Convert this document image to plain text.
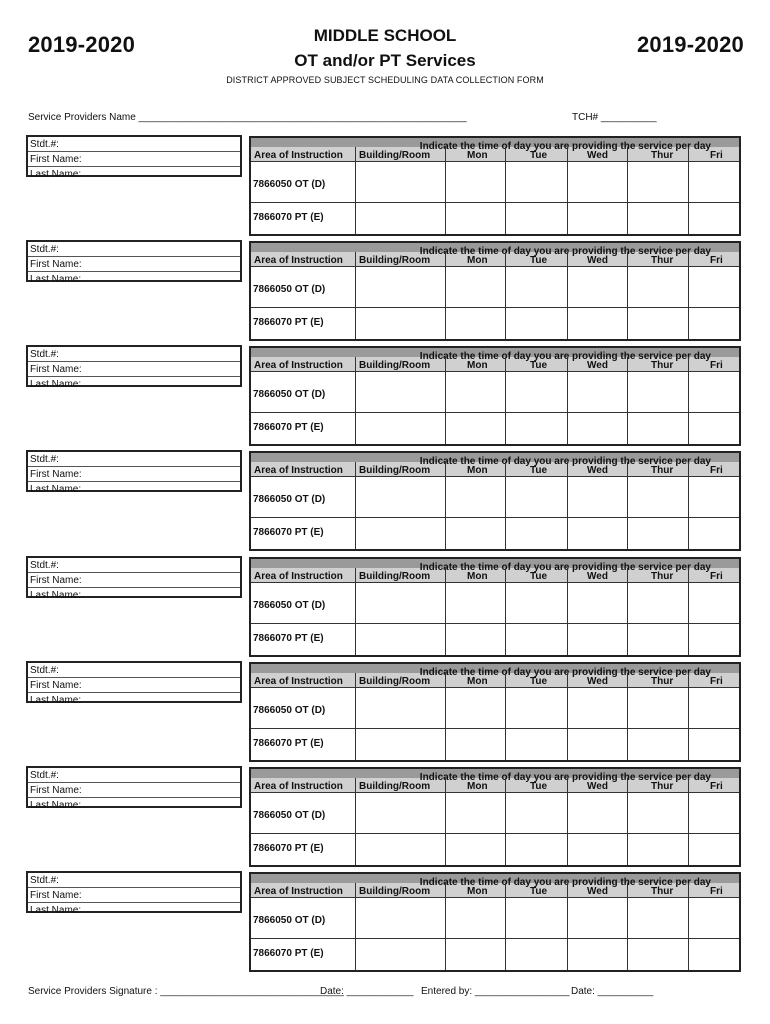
2019-2020	2019-2020
MIDDLE SCHOOL
OT and/or PT Services
DISTRICT APPROVED SUBJECT SCHEDULING DATA COLLECTION FORM
Service Providers Name ___________________________________________________________	TCH# __________
Stdt.#:
First Name:
Last Name:
Indicate the time of day you are providing the service per day
Area of Instruction Building/Room	Mon	Tue	Wed	Thur	Fri
7866050 OT (D)
7866070 PT (E)
Stdt.#:
First Name:
Last Name:
Indicate the time of day you are providing the service per day
Area of Instruction Building/Room	Mon	Tue	Wed	Thur	Fri
7866050 OT (D)
7866070 PT (E)
Stdt.#:
First Name:
Last Name:
Indicate the time of day you are providing the service per day
Area of Instruction Building/Room	Mon	Tue	Wed	Thur	Fri
7866050 OT (D)
7866070 PT (E)
Stdt.#:
First Name:
Last Name:
Indicate the time of day you are providing the service per day
Area of Instruction Building/Room	Mon	Tue	Wed	Thur	Fri
7866050 OT (D)
7866070 PT (E)
Stdt.#:
First Name:
Last Name:
Indicate the time of day you are providing the service per day
Area of Instruction Building/Room	Mon	Tue	Wed	Thur	Fri
7866050 OT (D)
7866070 PT (E)
Stdt.#:
First Name:
Last Name:
Indicate the time of day you are providing the service per day
Area of Instruction Building/Room	Mon	Tue	Wed	Thur	Fri
7866050 OT (D)
7866070 PT (E)
Stdt.#:
First Name:
Last Name:
Indicate the time of day you are providing the service per day
Area of Instruction Building/Room	Mon	Tue	Wed	Thur	Fri
7866050 OT (D)
7866070 PT (E)
Stdt.#:
First Name:
Last Name:
Indicate the time of day you are providing the service per day
Area of Instruction Building/Room	Mon	Tue	Wed	Thur	Fri
7866050 OT (D)
7866070 PT (E)
Service Providers Signature : _________________________________
Date: ____________ Entered by: _________________ Date: __________
